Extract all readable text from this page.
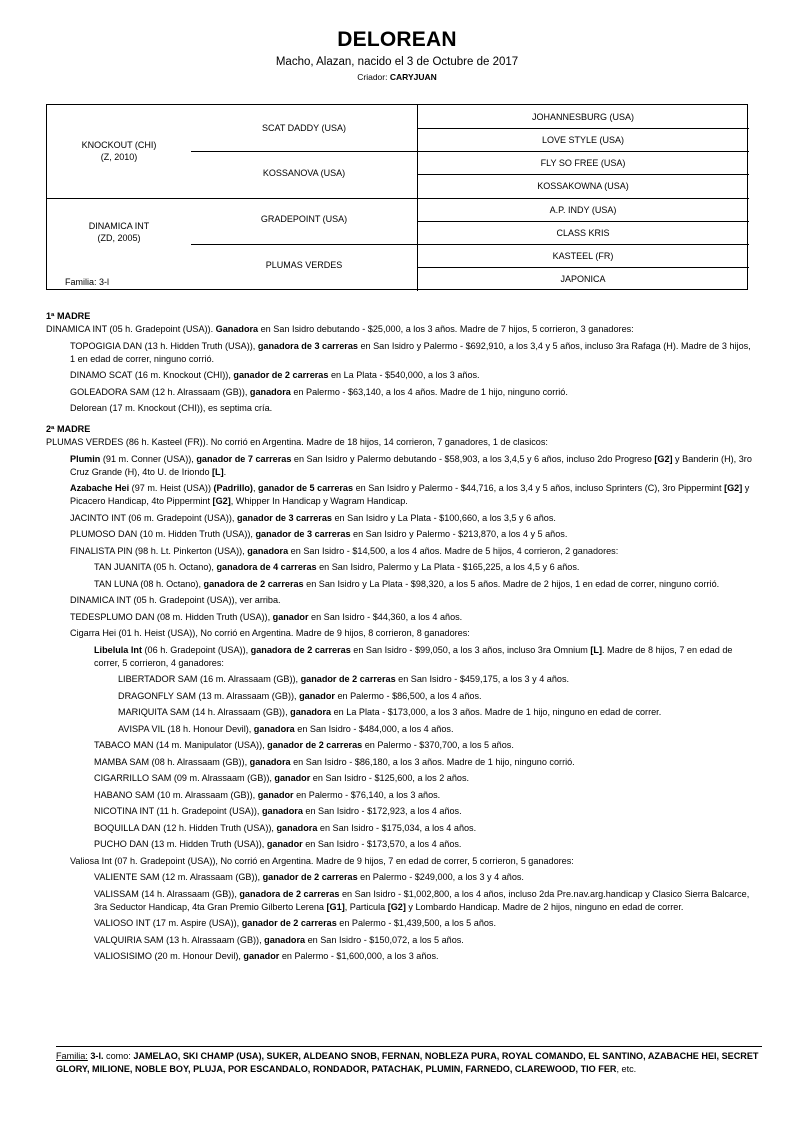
DELOREAN
Macho, Alazan, nacido el 3 de Octubre de 2017
Criador: CARYJUAN
KNOCKOUT (CHI)
(Z, 2010)
DINAMICA INT
(ZD, 2005)
Familia: 3-l
SCAT DADDY (USA)
KOSSANOVA (USA)
GRADEPOINT (USA)
PLUMAS VERDES
JOHANNESBURG (USA)
LOVE STYLE (USA)
FLY SO FREE (USA)
KOSSAKOWNA (USA)
A.P. INDY (USA)
CLASS KRIS
KASTEEL (FR)
JAPONICA
1ª MADRE
DINAMICA INT (05 h. Gradepoint (USA)). Ganadora en San Isidro debutando - $25,000, a los 3 años. Madre de 7 hijos, 5 corrieron, 3 ganadores:
TOPOGIGIA DAN (13 h. Hidden Truth (USA)), ganadora de 3 carreras en San Isidro y Palermo - $692,910, a los 3,4 y 5 años, incluso 3ra Rafaga (H). Madre de 3 hijos, 1 en edad de correr, ninguno corrió.
DINAMO SCAT (16 m. Knockout (CHI)), ganador de 2 carreras en La Plata - $540,000, a los 3 años.
GOLEADORA SAM (12 h. Alrassaam (GB)), ganadora en Palermo - $63,140, a los 4 años. Madre de 1 hijo, ninguno corrió.
Delorean (17 m. Knockout (CHI)), es septima cría.
2ª MADRE
PLUMAS VERDES (86 h. Kasteel (FR)). No corrió en Argentina. Madre de 18 hijos, 14 corrieron, 7 ganadores, 1 de clasicos:
Plumin (91 m. Conner (USA)), ganador de 7 carreras en San Isidro y Palermo debutando - $58,903, a los 3,4,5 y 6 años, incluso 2do Progreso [G2] y Banderin (H), 3ro Cruz Grande (H), 4to U. de Iriondo [L].
Azabache Hei (97 m. Heist (USA)) (Padrillo), ganador de 5 carreras en San Isidro y Palermo - $44,716, a los 3,4 y 5 años, incluso Sprinters (C), 3ro Pippermint [G2] y Picacero Handicap, 4to Pippermint [G2], Whipper In Handicap y Wagram Handicap.
JACINTO INT (06 m. Gradepoint (USA)), ganador de 3 carreras en San Isidro y La Plata - $100,660, a los 3,5 y 6 años.
PLUMOSO DAN (10 m. Hidden Truth (USA)), ganador de 3 carreras en San Isidro y Palermo - $213,870, a los 4 y 5 años.
FINALISTA PIN (98 h. Lt. Pinkerton (USA)), ganadora en San Isidro - $14,500, a los 4 años. Madre de 5 hijos, 4 corrieron, 2 ganadores:
TAN JUANITA (05 h. Octano), ganadora de 4 carreras en San Isidro, Palermo y La Plata - $165,225, a los 4,5 y 6 años.
TAN LUNA (08 h. Octano), ganadora de 2 carreras en San Isidro y La Plata - $98,320, a los 5 años. Madre de 2 hijos, 1 en edad de correr, ninguno corrió.
DINAMICA INT (05 h. Gradepoint (USA)), ver arriba.
TEDESPLUMO DAN (08 m. Hidden Truth (USA)), ganador en San Isidro - $44,360, a los 4 años.
Cigarra Hei (01 h. Heist (USA)), No corrió en Argentina. Madre de 9 hijos, 8 corrieron, 8 ganadores:
Libelula Int (06 h. Gradepoint (USA)), ganadora de 2 carreras en San Isidro - $99,050, a los 3 años, incluso 3ra Omnium [L]. Madre de 8 hijos, 7 en edad de correr, 5 corrieron, 4 ganadores:
LIBERTADOR SAM (16 m. Alrassaam (GB)), ganador de 2 carreras en San Isidro - $459,175, a los 3 y 4 años.
DRAGONFLY SAM (13 m. Alrassaam (GB)), ganador en Palermo - $86,500, a los 4 años.
MARIQUITA SAM (14 h. Alrassaam (GB)), ganadora en La Plata - $173,000, a los 3 años. Madre de 1 hijo, ninguno en edad de correr.
AVISPA VIL (18 h. Honour Devil), ganadora en San Isidro - $484,000, a los 4 años.
TABACO MAN (14 m. Manipulator (USA)), ganador de 2 carreras en Palermo - $370,700, a los 5 años.
MAMBA SAM (08 h. Alrassaam (GB)), ganadora en San Isidro - $86,180, a los 3 años. Madre de 1 hijo, ninguno corrió.
CIGARRILLO SAM (09 m. Alrassaam (GB)), ganador en San Isidro - $125,600, a los 2 años.
HABANO SAM (10 m. Alrassaam (GB)), ganador en Palermo - $76,140, a los 3 años.
NICOTINA INT (11 h. Gradepoint (USA)), ganadora en San Isidro - $172,923, a los 4 años.
BOQUILLA DAN (12 h. Hidden Truth (USA)), ganadora en San Isidro - $175,034, a los 4 años.
PUCHO DAN (13 m. Hidden Truth (USA)), ganador en San Isidro - $173,570, a los 4 años.
Valiosa Int (07 h. Gradepoint (USA)), No corrió en Argentina. Madre de 9 hijos, 7 en edad de correr, 5 corrieron, 5 ganadores:
VALIENTE SAM (12 m. Alrassaam (GB)), ganador de 2 carreras en Palermo - $249,000, a los 3 y 4 años.
VALISSAM (14 h. Alrassaam (GB)), ganadora de 2 carreras en San Isidro - $1,002,800, a los 4 años, incluso 2da Pre.nav.arg.handicap y Clasico Sierra Balcarce, 3ra Seductor Handicap, 4ta Gran Premio Gilberto Lerena [G1], Particula [G2] y Lombardo Handicap. Madre de 2 hijos, ninguno en edad de correr.
VALIOSO INT (17 m. Aspire (USA)), ganador de 2 carreras en Palermo - $1,439,500, a los 5 años.
VALQUIRIA SAM (13 h. Alrassaam (GB)), ganadora en San Isidro - $150,072, a los 5 años.
VALIOSISIMO (20 m. Honour Devil), ganador en Palermo - $1,600,000, a los 3 años.
Familia: 3-l. como: JAMELAO, SKI CHAMP (USA), SUKER, ALDEANO SNOB, FERNAN, NOBLEZA PURA, ROYAL COMANDO, EL SANTINO, AZABACHE HEI, SECRET GLORY, MILIONE, NOBLE BOY, PLUJA, POR ESCANDALO, RONDADOR, PATACHAK, PLUMIN, FARNEDO, CLAREWOOD, TIO FER, etc.
